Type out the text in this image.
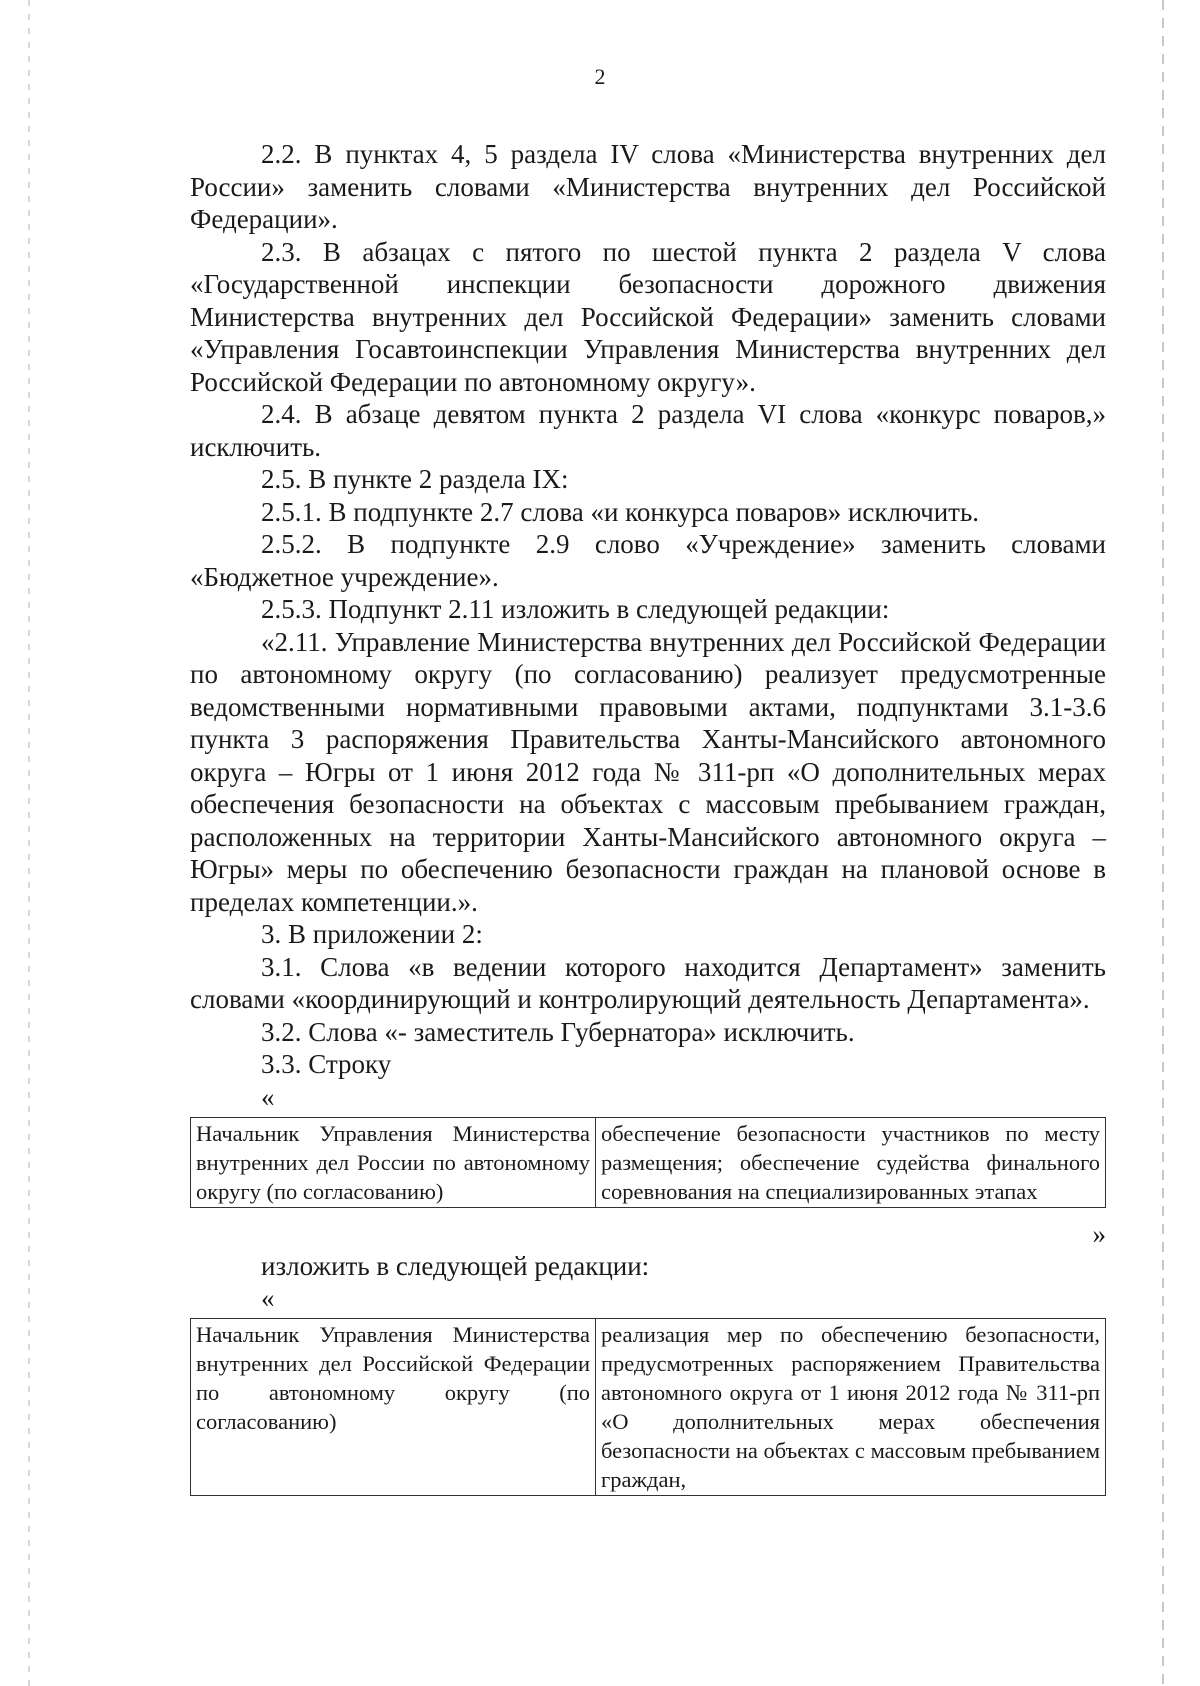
2

2.2. В пунктах 4, 5 раздела IV слова «Министерства внутренних дел России» заменить словами «Министерства внутренних дел Российской Федерации».

2.3. В абзацах с пятого по шестой пункта 2 раздела V слова «Государственной инспекции безопасности дорожного движения Министерства внутренних дел Российской Федерации» заменить словами «Управления Госавтоинспекции Управления Министерства внутренних дел Российской Федерации по автономному округу».

2.4. В абзаце девятом пункта 2 раздела VI слова «конкурс поваров,» исключить.

2.5. В пункте 2 раздела IX:

2.5.1. В подпункте 2.7 слова «и конкурса поваров» исключить.

2.5.2. В подпункте 2.9 слово «Учреждение» заменить словами «Бюджетное учреждение».

2.5.3. Подпункт 2.11 изложить в следующей редакции:

«2.11. Управление Министерства внутренних дел Российской Федерации по автономному округу (по согласованию) реализует предусмотренные ведомственными нормативными правовыми актами, подпунктами 3.1-3.6 пункта 3 распоряжения Правительства Ханты-Мансийского автономного округа – Югры от 1 июня 2012 года № 311-рп «О дополнительных мерах обеспечения безопасности на объектах с массовым пребыванием граждан, расположенных на территории Ханты-Мансийского автономного округа – Югры» меры по обеспечению безопасности граждан на плановой основе в пределах компетенции.».

3. В приложении 2:

3.1. Слова «в ведении которого находится Департамент» заменить словами «координирующий и контролирующий деятельность Департамента».

3.2. Слова «- заместитель Губернатора» исключить.

3.3. Строку

«

Начальник Управления Министерства внутренних дел России по автономному округу (по согласованию)	обеспечение безопасности участников по месту размещения; обеспечение судейства финального соревнования на специализированных этапах

»

изложить в следующей редакции:

«

Начальник Управления Министерства внутренних дел Российской Федерации по автономному округу (по согласованию)	реализация мер по обеспечению безопасности, предусмотренных распоряжением Правительства автономного округа от 1 июня 2012 года № 311-рп «О дополнительных мерах обеспечения безопасности на объектах с массовым пребыванием граждан,
